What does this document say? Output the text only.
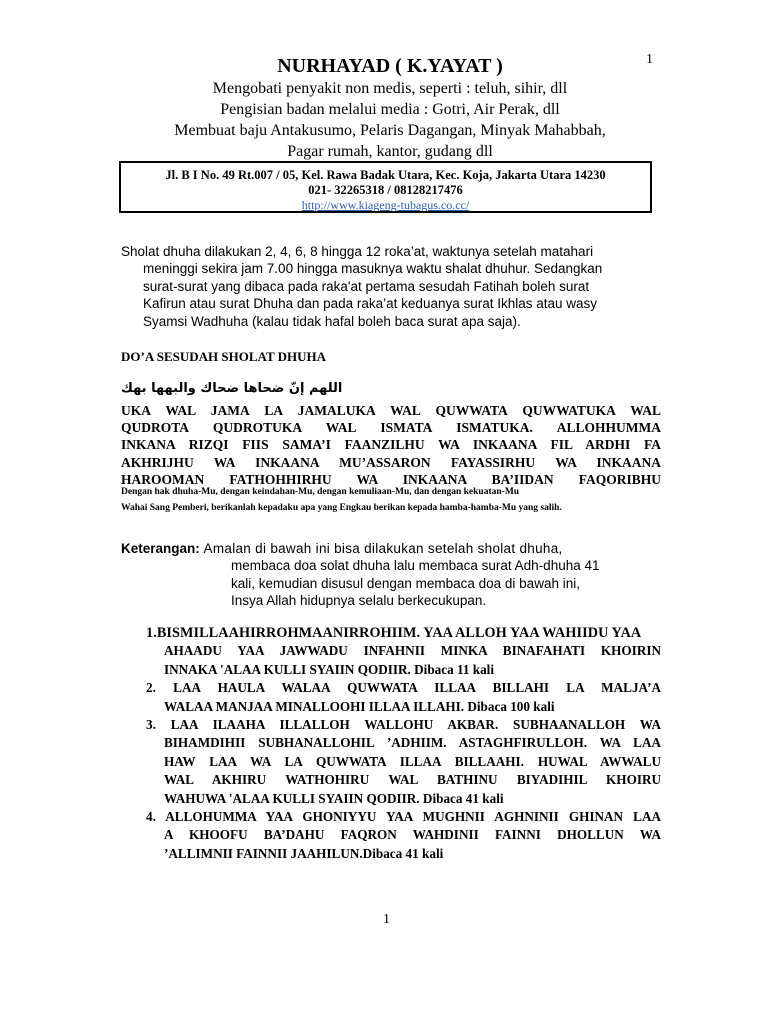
1
NURHAYAD ( K.YAYAT )
Mengobati penyakit non medis, seperti : teluh, sihir, dll
Pengisian badan melalui media : Gotri, Air Perak, dll
Membuat baju Antakusumo, Pelaris Dagangan, Minyak Mahabbah,
Pagar rumah, kantor, gudang dll
Jl. B I No. 49 Rt.007 / 05, Kel. Rawa Badak Utara, Kec. Koja, Jakarta Utara 14230
021- 32265318 / 08128217476
http://www.kiageng-tubagus.co.cc/
Sholat dhuha dilakukan 2, 4, 6, 8 hingga 12 roka’at, waktunya setelah matahari
meninggi sekira jam 7.00 hingga masuknya waktu shalat dhuhur. Sedangkan
surat-surat yang dibaca pada raka'at pertama sesudah Fatihah boleh surat
Kafirun atau surat Dhuha dan pada raka’at keduanya surat Ikhlas atau wasy
Syamsi Wadhuha (kalau tidak hafal boleh baca surat apa saja).
DO’A SESUDAH SHOLAT DHUHA
اللهم إنّ ضحاها ضحاك والبهها بهك
UKA WAL JAMA LA JAMALUKA WAL QUWWATA QUWWATUKA WAL
QUDROTA QUDROTUKA WAL ISMATA ISMATUKA. ALLOHHUMMA
INKANA RIZQI FIIS SAMA’I FAANZILHU WA INKAANA FIL ARDHI FA
AKHRIJHU WA INKAANA MU’ASSARON FAYASSIRHU WA INKAANA
HAROOMAN FATHOHHIRHU WA INKAANA BA’IIDAN FAQORIBHU
Dengan hak dhuha-Mu, dengan keindahan-Mu, dengan kemuliaan-Mu, dan dengan kekuatan-Mu
Wahai Sang Pemberi, berikanlah kepadaku apa yang Engkau berikan kepada hamba-hamba-Mu yang salih.
Keterangan: Amalan di bawah ini bisa dilakukan setelah sholat dhuha,
membaca doa solat dhuha lalu membaca surat Adh-dhuha 41
kali, kemudian disusul dengan membaca doa di bawah ini,
Insya Allah hidupnya selalu berkecukupan.
1.BISMILLAAHIRROHMAANIRROHIIM. YAA ALLOH YAA WAHIIDU YAA
AHAADU YAA JAWWADU INFAHNII MINKA BINAFAHATI KHOIRIN
INNAKA 'ALAA KULLI SYAIIN QODIIR. Dibaca 11 kali
2. LAA HAULA WALAA QUWWATA ILLAA BILLAHI LA MALJA’A
WALAA MANJAA MINALLOOHI ILLAA ILLAHI. Dibaca 100 kali
3. LAA ILAAHA ILLALLOH WALLOHU AKBAR. SUBHAANALLOH WA
BIHAMDIHII SUBHANALLOHIL ’ADHIIM. ASTAGHFIRULLOH. WA LAA
HAW LAA WA LA QUWWATA ILLAA BILLAAHI. HUWAL AWWALU
WAL AKHIRU WATHOHIRU WAL BATHINU BIYADIHIL KHOIRU
WAHUWA 'ALAA KULLI SYAIIN QODIIR. Dibaca 41 kali
4. ALLOHUMMA YAA GHONIYYU YAA MUGHNII AGHNINII GHINAN LAA
A KHOOFU BA’DAHU FAQRON WAHDINII FAINNI DHOLLUN WA
’ALLIMNII FAINNII JAAHILUN.Dibaca 41 kali
1
